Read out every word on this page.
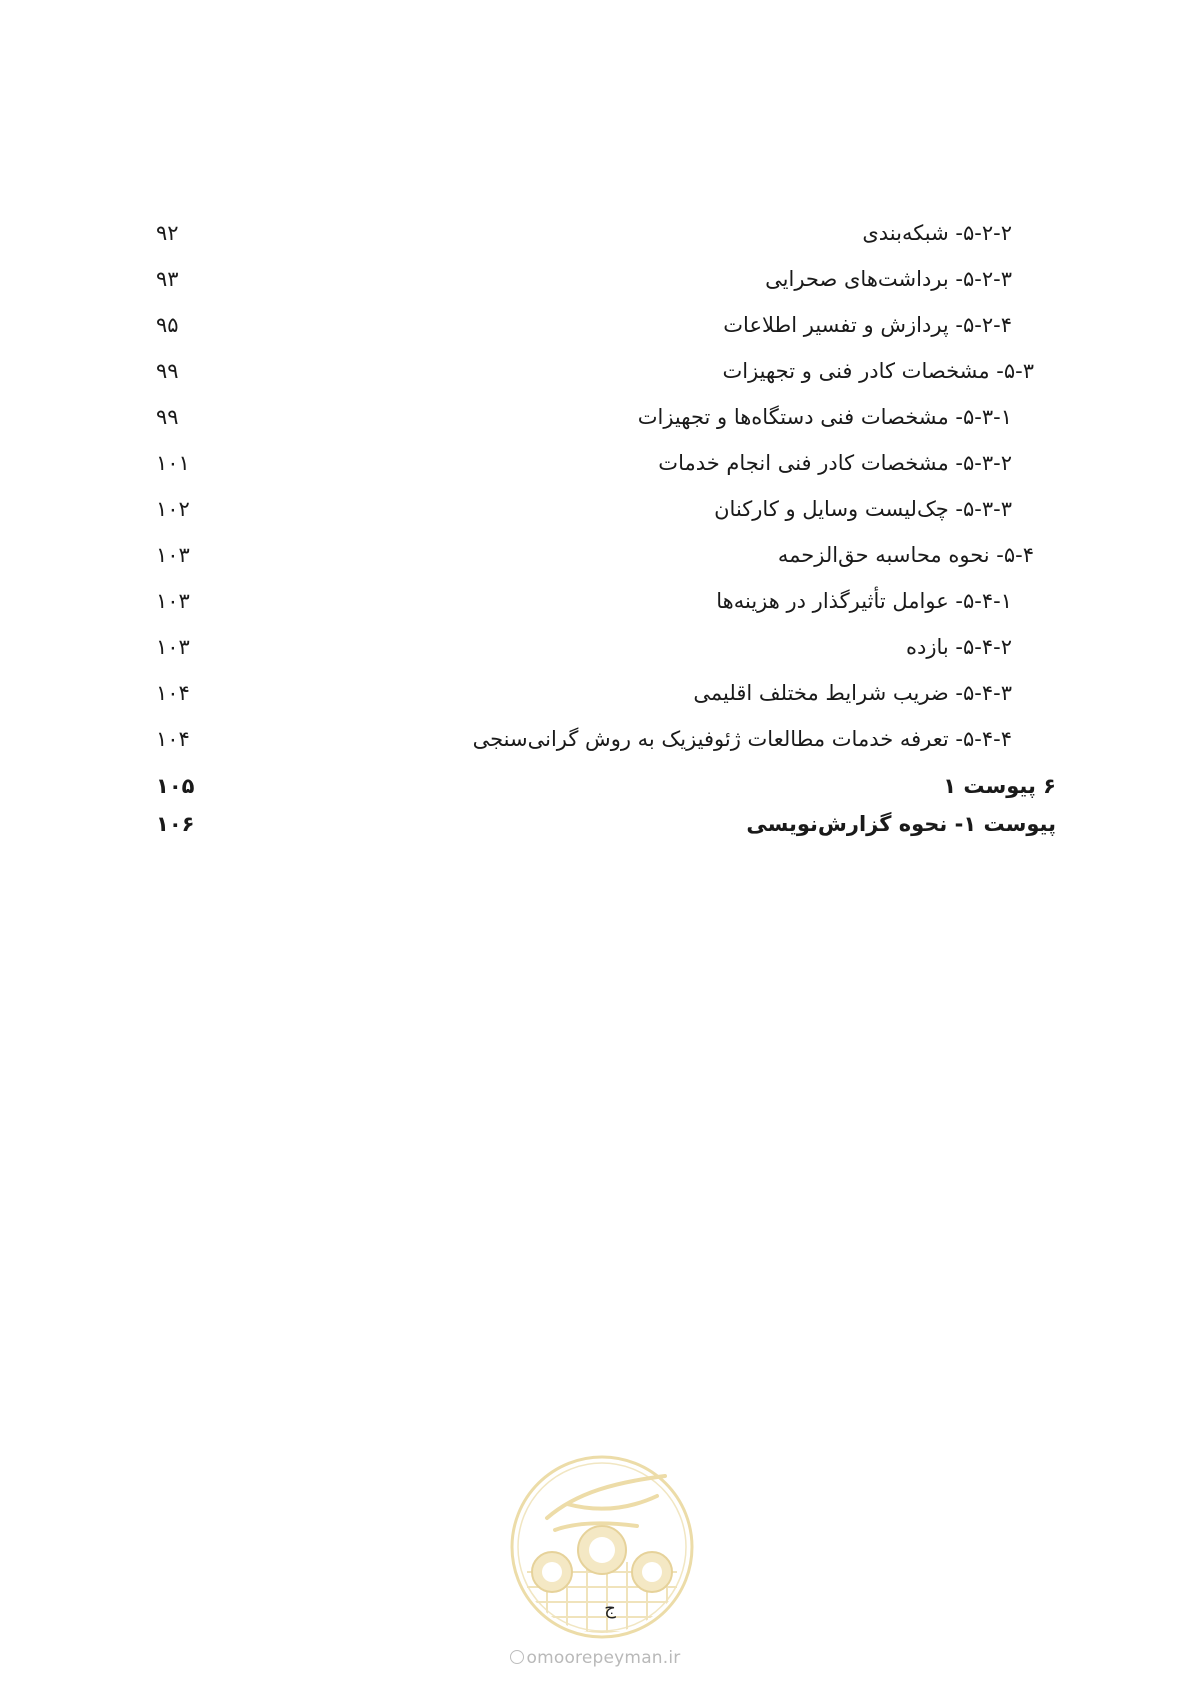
۵-۲-۲- شبکه‌بندی
۹۲
۵-۲-۳- برداشت‌های صحرایی
۹۳
۵-۲-۴- پردازش و تفسیر اطلاعات
۹۵
۵-۳- مشخصات کادر فنی و تجهیزات
۹۹
۵-۳-۱- مشخصات فنی دستگاه‌ها و تجهیزات
۹۹
۵-۳-۲- مشخصات کادر فنی انجام خدمات
۱۰۱
۵-۳-۳- چک‌لیست وسایل و کارکنان
۱۰۲
۵-۴- نحوه محاسبه حق‌الزحمه
۱۰۳
۵-۴-۱- عوامل تأثیرگذار در هزینه‌ها
۱۰۳
۵-۴-۲- بازده
۱۰۳
۵-۴-۳- ضریب شرایط مختلف اقلیمی
۱۰۴
۵-۴-۴- تعرفه خدمات مطالعات ژئوفیزیک به روش گرانی‌سنجی
۱۰۴
۶ پیوست ۱
۱۰۵
پیوست ۱- نحوه گزارش‌نویسی
۱۰۶
ج
omoorepeyman.ir
